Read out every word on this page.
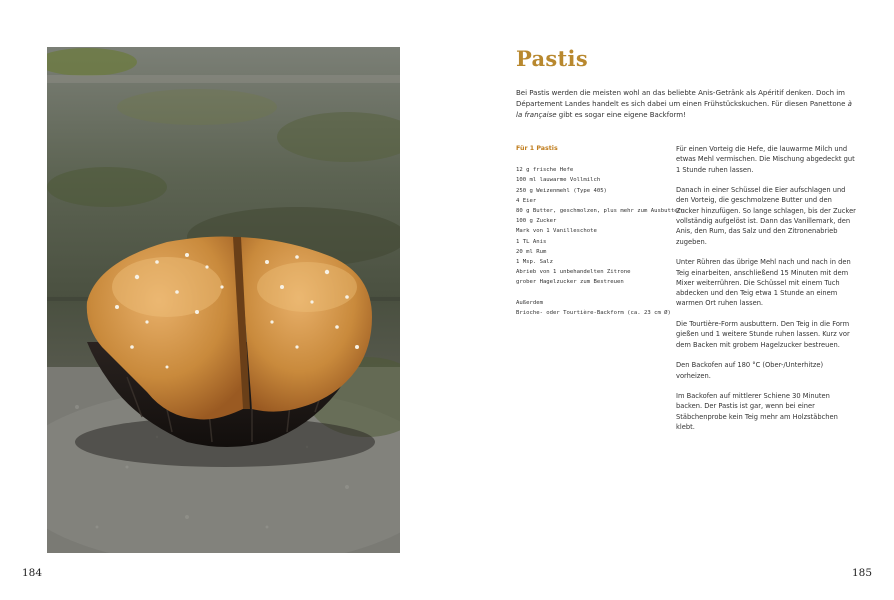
184	185
Pastis
Bei Pastis werden die meisten wohl an das beliebte Anis-Getränk als Apéritif denken. Doch im Département Landes handelt es sich dabei um einen Frühstückskuchen. Für diesen Panettone à la française gibt es sogar eine eigene Backform!
Für 1 Pastis
12 g frische Hefe
100 ml lauwarme Vollmilch
250 g Weizenmehl (Type 405)
4 Eier
80 g Butter, geschmolzen, plus mehr zum Ausbuttern
100 g Zucker
Mark von 1 Vanilleschote
1 TL Anis
20 ml Rum
1 Msp. Salz
Abrieb von 1 unbehandelten Zitrone
grober Hagelzucker zum Bestreuen
Außerdem
Brioche- oder Tourtière-Backform (ca. 23 cm Ø)

Für einen Vorteig die Hefe, die lauwarme Milch und etwas Mehl vermischen. Die Mischung abgedeckt gut 1 Stunde ruhen lassen.

Danach in einer Schüssel die Eier aufschlagen und den Vorteig, die geschmolzene Butter und den Zucker hinzufügen. So lange schlagen, bis der Zucker vollständig aufgelöst ist. Dann das Vanillemark, den Anis, den Rum, das Salz und den Zitronenabrieb zugeben.

Unter Rühren das übrige Mehl nach und nach in den Teig einarbeiten, anschließend 15 Minuten mit dem Mixer weiterrühren. Die Schüssel mit einem Tuch abdecken und den Teig etwa 1 Stunde an einem warmen Ort ruhen lassen.

Die Tourtière-Form ausbuttern. Den Teig in die Form gießen und 1 weitere Stunde ruhen lassen. Kurz vor dem Backen mit grobem Hagelzucker bestreuen.

Den Backofen auf 180 °C (Ober-/Unterhitze) vorheizen.

Im Backofen auf mittlerer Schiene 30 Minuten backen. Der Pastis ist gar, wenn bei einer Stäbchenprobe kein Teig mehr am Holzstäbchen klebt.
